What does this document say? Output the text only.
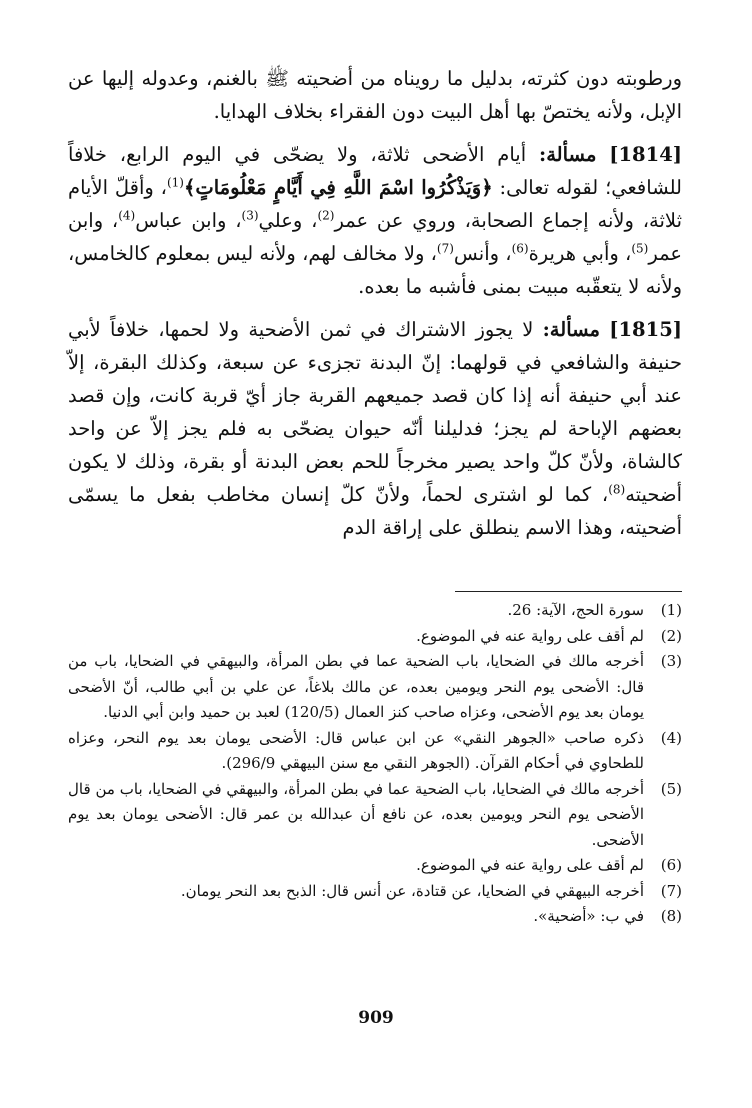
ورطوبته دون كثرته، بدليل ما رويناه من أضحيته ﷺ بالغنم، وعدوله إليها عن الإبل، ولأنه يختصّ بها أهل البيت دون الفقراء بخلاف الهدايا.

[1814] مسألة: أيام الأضحى ثلاثة، ولا يضحّى في اليوم الرابع، خلافاً للشافعي؛ لقوله تعالى: ﴿وَيَذْكُرُوا اسْمَ اللَّهِ فِي أَيَّامٍ مَعْلُومَاتٍ﴾$^{(1)}$، وأقلّ الأيام ثلاثة، ولأنه إجماع الصحابة، وروي عن عمر$^{(2)}$، وعلي$^{(3)}$، وابن عباس$^{(4)}$، وابن عمر$^{(5)}$، وأبي هريرة$^{(6)}$، وأنس$^{(7)}$، ولا مخالف لهم، ولأنه ليس بمعلوم كالخامس، ولأنه لا يتعقّبه مبيت بمنى فأشبه ما بعده.

[1815] مسألة: لا يجوز الاشتراك في ثمن الأضحية ولا لحمها، خلافاً لأبي حنيفة والشافعي في قولهما: إنّ البدنة تجزىء عن سبعة، وكذلك البقرة، إلاّ عند أبي حنيفة أنه إذا كان قصد جميعهم القربة جاز أيّ قربة كانت، وإن قصد بعضهم الإباحة لم يجز؛ فدليلنا أنّه حيوان يضحّى به فلم يجز إلاّ عن واحد كالشاة، ولأنّ كلّ واحد يصير مخرجاً للحم بعض البدنة أو بقرة، وذلك لا يكون أضحيته$^{(8)}$، كما لو اشترى لحماً، ولأنّ كلّ إنسان مخاطب بفعل ما يسمّى أضحيته، وهذا الاسم ينطلق على إراقة الدم

(1)
سورة الحج، الآية: 26.
(2)
لم أقف على رواية عنه في الموضوع.
(3)
أخرجه مالك في الضحايا، باب الضحية عما في بطن المرأة، والبيهقي في الضحايا، باب من قال: الأضحى يوم النحر ويومين بعده، عن مالك بلاغاً، عن علي بن أبي طالب، أنّ الأضحى يومان بعد يوم الأضحى، وعزاه صاحب كنز العمال (120/5) لعبد بن حميد وابن أبي الدنيا.
(4)
ذكره صاحب «الجوهر النقي» عن ابن عباس قال: الأضحى يومان بعد يوم النحر، وعزاه للطحاوي في أحكام القرآن. (الجوهر النقي مع سنن البيهقي 296/9).
(5)
أخرجه مالك في الضحايا، باب الضحية عما في بطن المرأة، والبيهقي في الضحايا، باب من قال الأضحى يوم النحر ويومين بعده، عن نافع أن عبدالله بن عمر قال: الأضحى يومان بعد يوم الأضحى.
(6)
لم أقف على رواية عنه في الموضوع.
(7)
أخرجه البيهقي في الضحايا، عن قتادة، عن أنس قال: الذبح بعد النحر يومان.
(8)
في ب: «أضحية».
909
